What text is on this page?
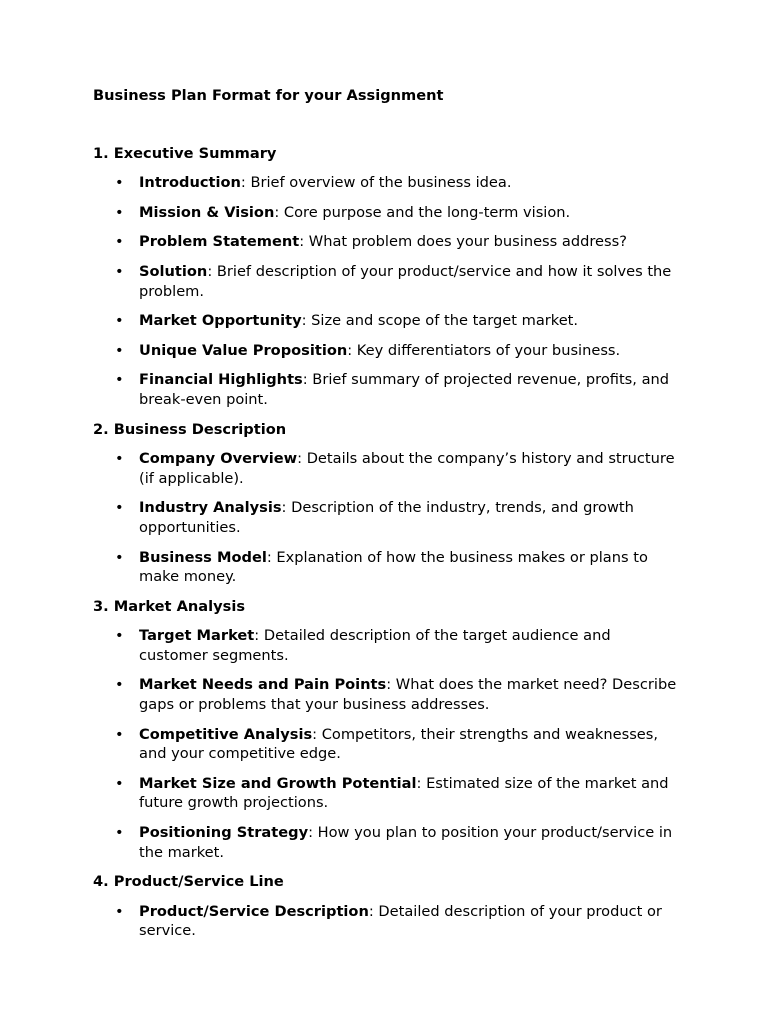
Business Plan Format for your Assignment
1. Executive Summary
• Introduction: Brief overview of the business idea.
• Mission & Vision: Core purpose and the long-term vision.
• Problem Statement: What problem does your business address?
• Solution: Brief description of your product/service and how it solves the problem.
• Market Opportunity: Size and scope of the target market.
• Unique Value Proposition: Key differentiators of your business.
• Financial Highlights: Brief summary of projected revenue, profits, and break-even point.
2. Business Description
• Company Overview: Details about the company’s history and structure (if applicable).
• Industry Analysis: Description of the industry, trends, and growth opportunities.
• Business Model: Explanation of how the business makes or plans to make money.
3. Market Analysis
• Target Market: Detailed description of the target audience and customer segments.
• Market Needs and Pain Points: What does the market need? Describe gaps or problems that your business addresses.
• Competitive Analysis: Competitors, their strengths and weaknesses, and your competitive edge.
• Market Size and Growth Potential: Estimated size of the market and future growth projections.
• Positioning Strategy: How you plan to position your product/service in the market.
4. Product/Service Line
• Product/Service Description: Detailed description of your product or service.
